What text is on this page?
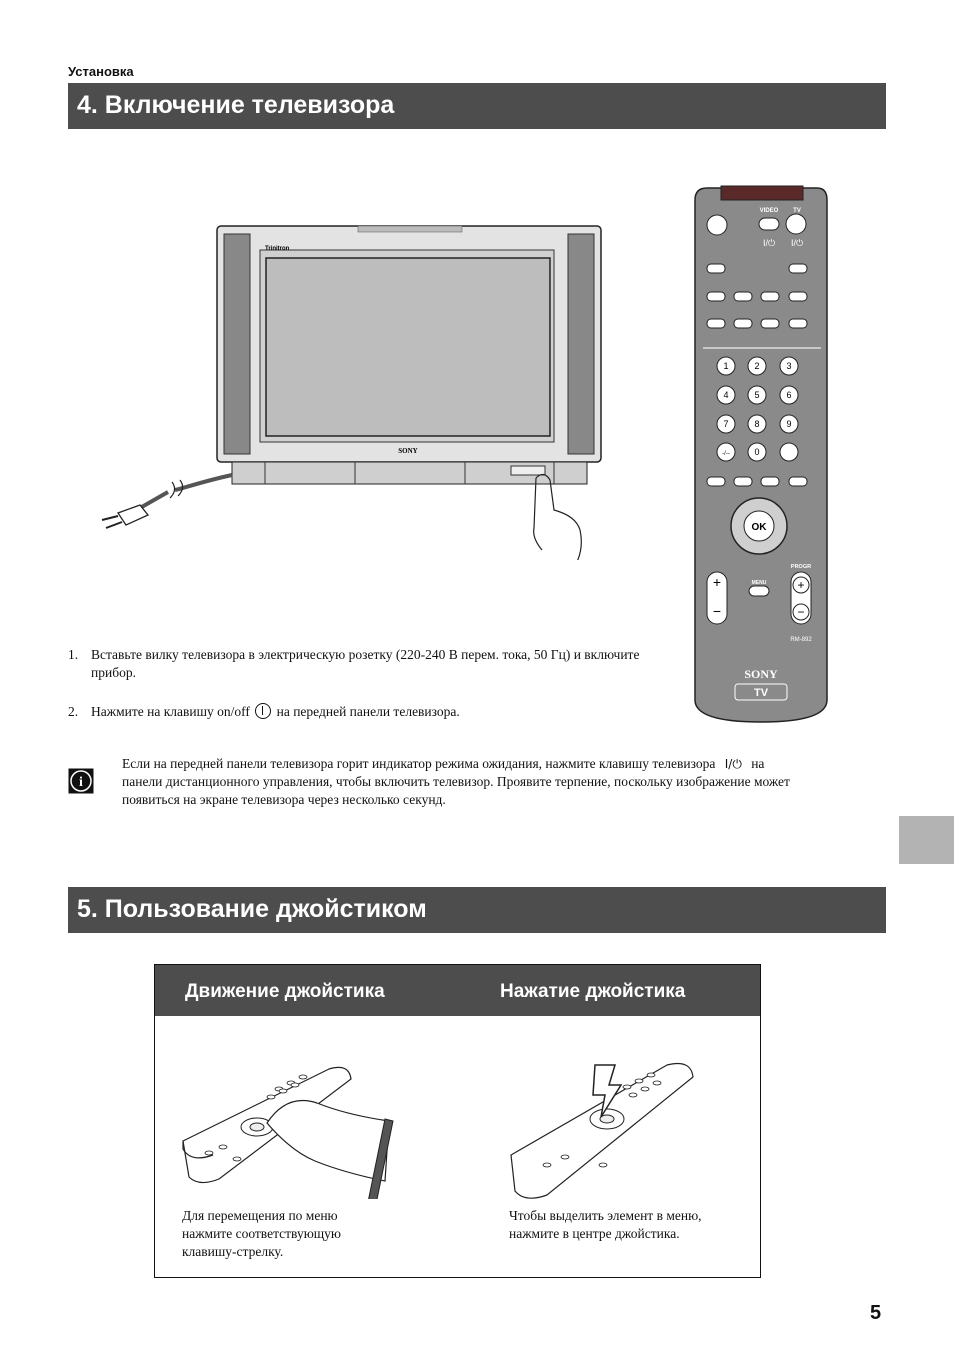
Установка
4. Включение телевизора
Trinitron
SONY
VIDEO TV
I/⏻ I/⏻
1	2	3
4	5	6
7	8	9
-/--	0
OK
+
−
MENU
PROGR
+
−
RM-892
SONY
TV
1. Вставьте вилку телевизора в электрическую розетку (220-240 В перем. тока, 50 Гц) и включите
прибор.
2. Нажмите на клавишу on/off на передней панели телевизора.
i
Если на передней панели телевизора горит индикатор режима ожидания, нажмите клавишу телевизора I/⏻ на
панели дистанционного управления, чтобы включить телевизор. Проявите терпение, поскольку изображение может
появиться на экране телевизора через несколько секунд.
5. Пользование джойстиком
Движение джойстика	Нажатие джойстика
Для перемещения по меню
нажмите соответствующую
клавишу-стрелку.
Чтобы выделить элемент в меню,
нажмите в центре джойстика.
5
